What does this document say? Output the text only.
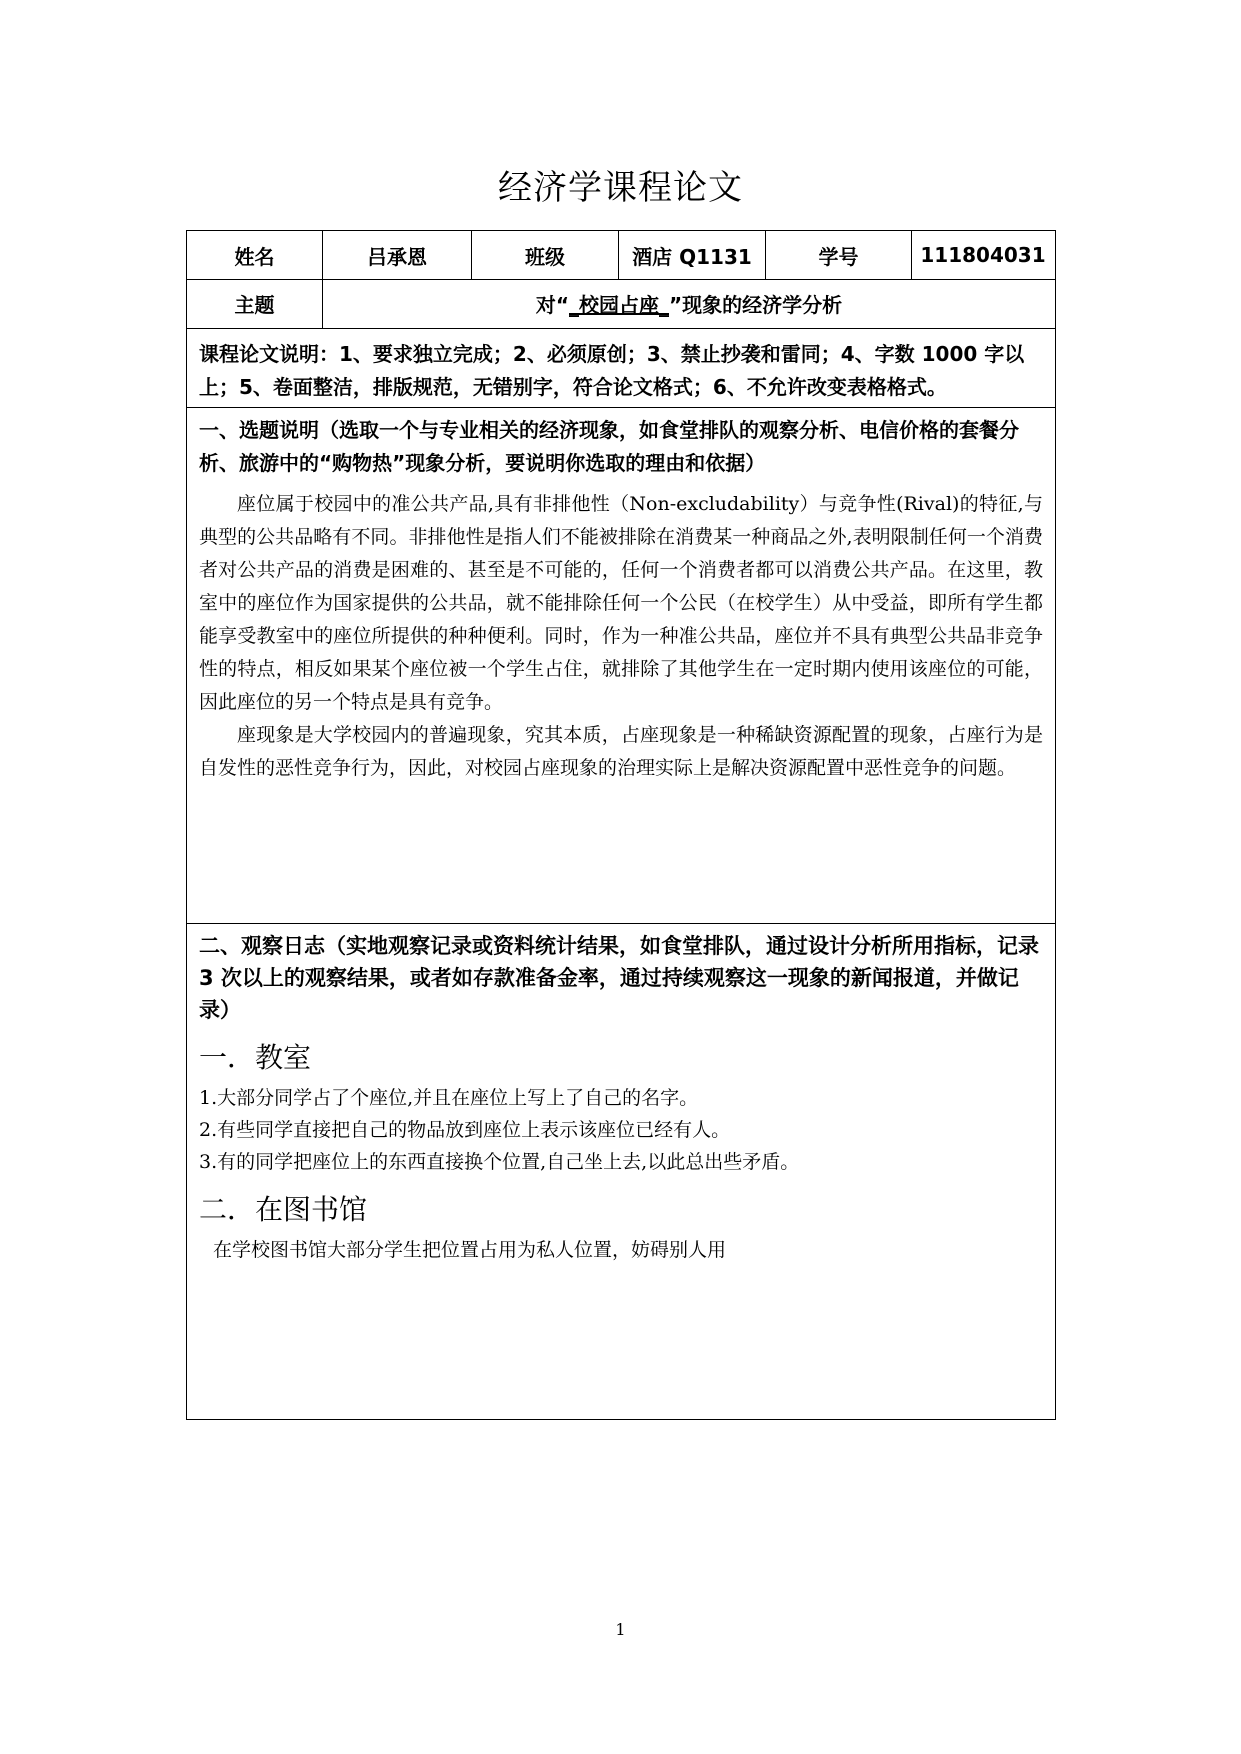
经济学课程论文
姓名	吕承恩	班级	酒店 Q1131	学号	111804031
主题	对“ _校园占座_ ”现象的经济学分析
课程论文说明：1、要求独立完成；2、必须原创；3、禁止抄袭和雷同；4、字数 1000 字以上；5、卷面整洁，排版规范，无错别字，符合论文格式；6、不允许改变表格格式。
一、选题说明（选取一个与专业相关的经济现象，如食堂排队的观察分析、电信价格的套餐分析、旅游中的“购物热”现象分析，要说明你选取的理由和依据）

座位属于校园中的准公共产品,具有非排他性（Non-excludability）与竞争性(Rival)的特征,与典型的公共品略有不同。非排他性是指人们不能被排除在消费某一种商品之外,表明限制任何一个消费者对公共产品的消费是困难的、甚至是不可能的，任何一个消费者都可以消费公共产品。在这里，教室中的座位作为国家提供的公共品，就不能排除任何一个公民（在校学生）从中受益，即所有学生都能享受教室中的座位所提供的种种便利。同时，作为一种准公共品，座位并不具有典型公共品非竞争性的特点，相反如果某个座位被一个学生占住，就排除了其他学生在一定时期内使用该座位的可能，因此座位的另一个特点是具有竞争。

座现象是大学校园内的普遍现象，究其本质，占座现象是一种稀缺资源配置的现象，占座行为是自发性的恶性竞争行为，因此，对校园占座现象的治理实际上是解决资源配置中恶性竞争的问题。

二、观察日志（实地观察记录或资料统计结果，如食堂排队，通过设计分析所用指标，记录 3 次以上的观察结果，或者如存款准备金率，通过持续观察这一现象的新闻报道，并做记录）
一．教室
1.大部分同学占了个座位,并且在座位上写上了自己的名字。
2.有些同学直接把自己的物品放到座位上表示该座位已经有人。
3.有的同学把座位上的东西直接换个位置,自己坐上去,以此总出些矛盾。
二．在图书馆
在学校图书馆大部分学生把位置占用为私人位置，妨碍别人用
1
